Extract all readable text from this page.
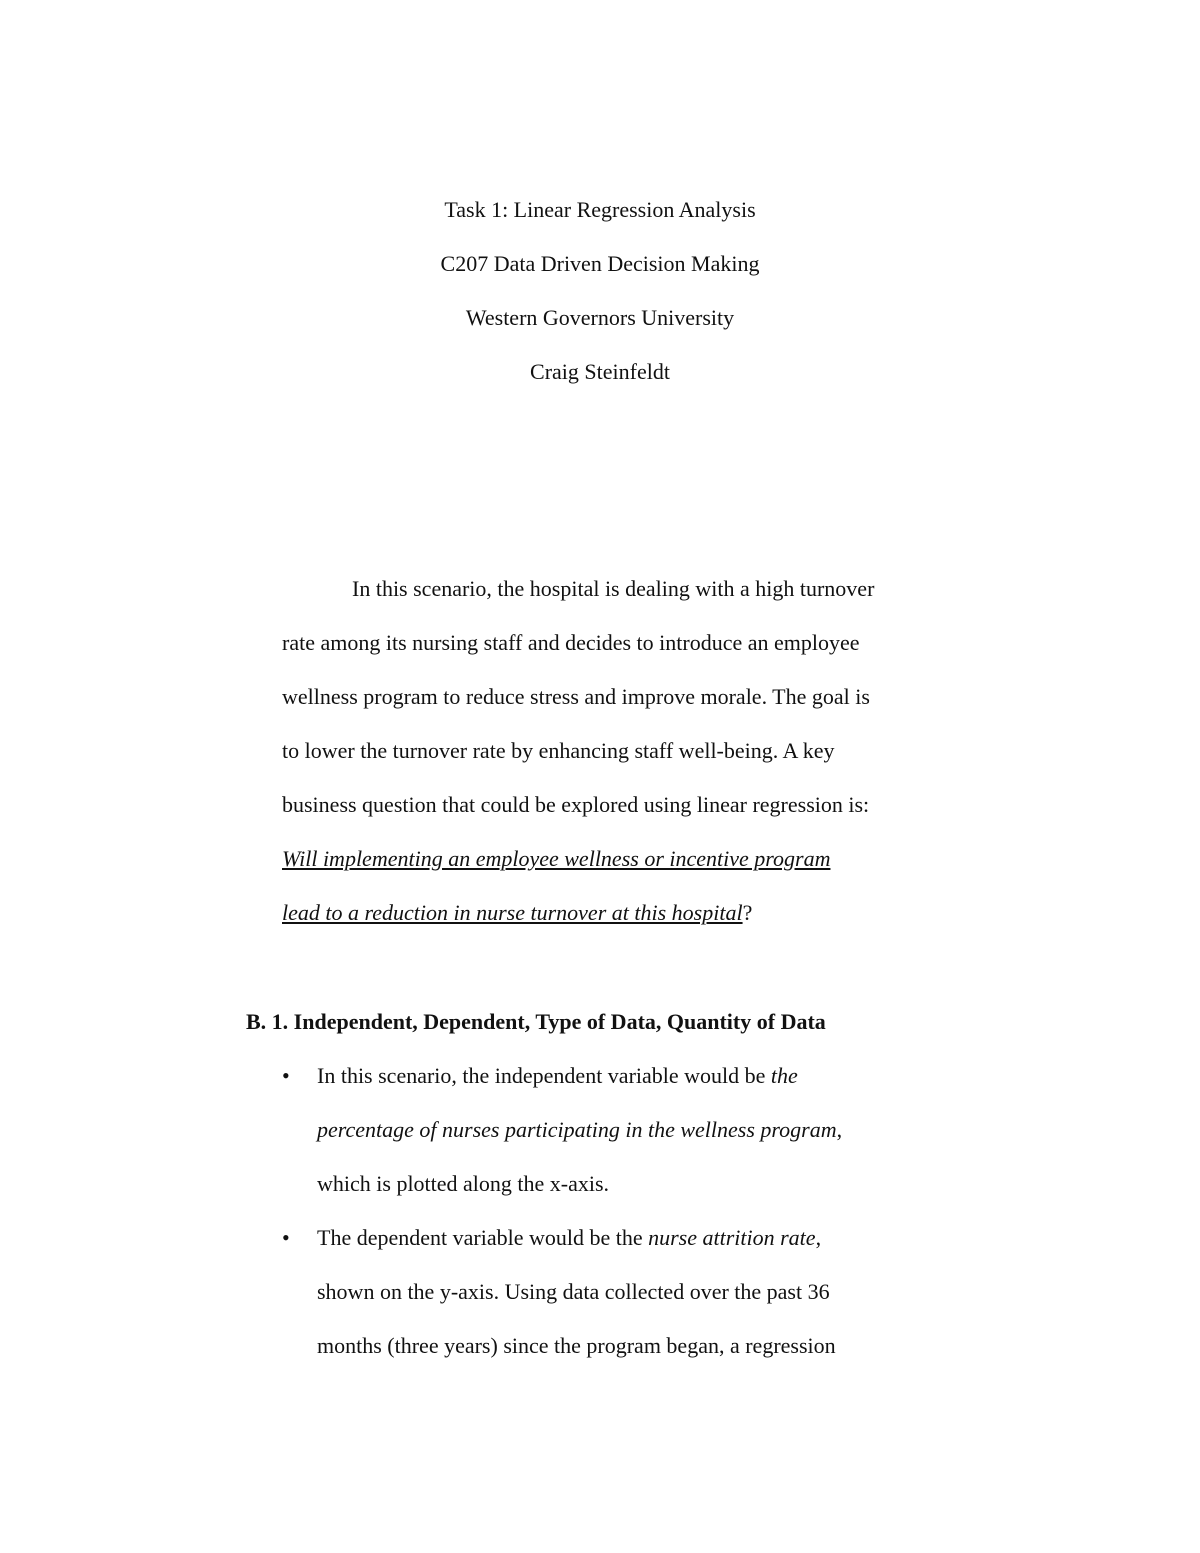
Task 1: Linear Regression Analysis
C207 Data Driven Decision Making
Western Governors University
Craig Steinfeldt
In this scenario, the hospital is dealing with a high turnover
rate among its nursing staff and decides to introduce an employee
wellness program to reduce stress and improve morale. The goal is
to lower the turnover rate by enhancing staff well-being. A key
business question that could be explored using linear regression is:
Will implementing an employee wellness or incentive program
lead to a reduction in nurse turnover at this hospital?
B. 1. Independent, Dependent, Type of Data, Quantity of Data
• In this scenario, the independent variable would be the
percentage of nurses participating in the wellness program,
which is plotted along the x-axis.
• The dependent variable would be the nurse attrition rate,
shown on the y-axis. Using data collected over the past 36
months (three years) since the program began, a regression
